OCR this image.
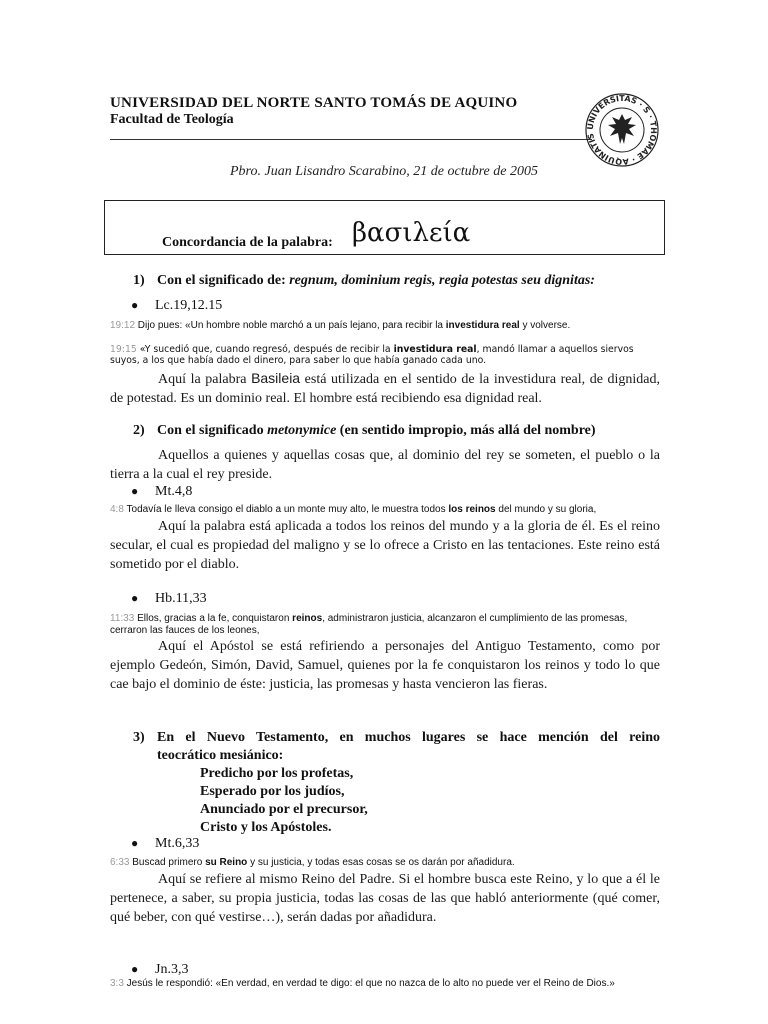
UNIVERSIDAD DEL NORTE SANTO TOMÁS DE AQUINO
Facultad de Teología	UNIVERSITAS · S · THOMAE · AQUINATIS
Pbro. Juan Lisandro Scarabino, 21 de octubre de 2005
Concordancia de la palabra: βασιλεία
1) Con el significado de: regnum, dominium regis, regia potestas seu dignitas:
● Lc.19,12.15
19:12 Dijo pues: «Un hombre noble marchó a un país lejano, para recibir la investidura real y volverse.
19:15 «Y sucedió que, cuando regresó, después de recibir la investidura real, mandó llamar a aquellos siervos suyos, a los que había dado el dinero, para saber lo que había ganado cada uno.
Aquí la palabra Basileia está utilizada en el sentido de la investidura real, de dignidad, de potestad. Es un dominio real. El hombre está recibiendo esa dignidad real.
2) Con el significado metonymice (en sentido impropio, más allá del nombre)
Aquellos a quienes y aquellas cosas que, al dominio del rey se someten, el pueblo o la tierra a la cual el rey preside.
● Mt.4,8
4:8 Todavía le lleva consigo el diablo a un monte muy alto, le muestra todos los reinos del mundo y su gloria,
Aquí la palabra está aplicada a todos los reinos del mundo y a la gloria de él. Es el reino secular, el cual es propiedad del maligno y se lo ofrece a Cristo en las tentaciones. Este reino está sometido por el diablo.
● Hb.11,33
11:33 Ellos, gracias a la fe, conquistaron reinos, administraron justicia, alcanzaron el cumplimiento de las promesas, cerraron las fauces de los leones,
Aquí el Apóstol se está refiriendo a personajes del Antiguo Testamento, como por ejemplo Gedeón, Simón, David, Samuel, quienes por la fe conquistaron los reinos y todo lo que cae bajo el dominio de éste: justicia, las promesas y hasta vencieron las fieras.
3) En el Nuevo Testamento, en muchos lugares se hace mención del reino
teocrático mesiánico:
Predicho por los profetas,
Esperado por los judíos,
Anunciado por el precursor,
Cristo y los Apóstoles.
● Mt.6,33
6:33 Buscad primero su Reino y su justicia, y todas esas cosas se os darán por añadidura.
Aquí se refiere al mismo Reino del Padre. Si el hombre busca este Reino, y lo que a él le pertenece, a saber, su propia justicia, todas las cosas de las que habló anteriormente (qué comer, qué beber, con qué vestirse…), serán dadas por añadidura.
● Jn.3,3
3:3 Jesús le respondió: «En verdad, en verdad te digo: el que no nazca de lo alto no puede ver el Reino de Dios.»
